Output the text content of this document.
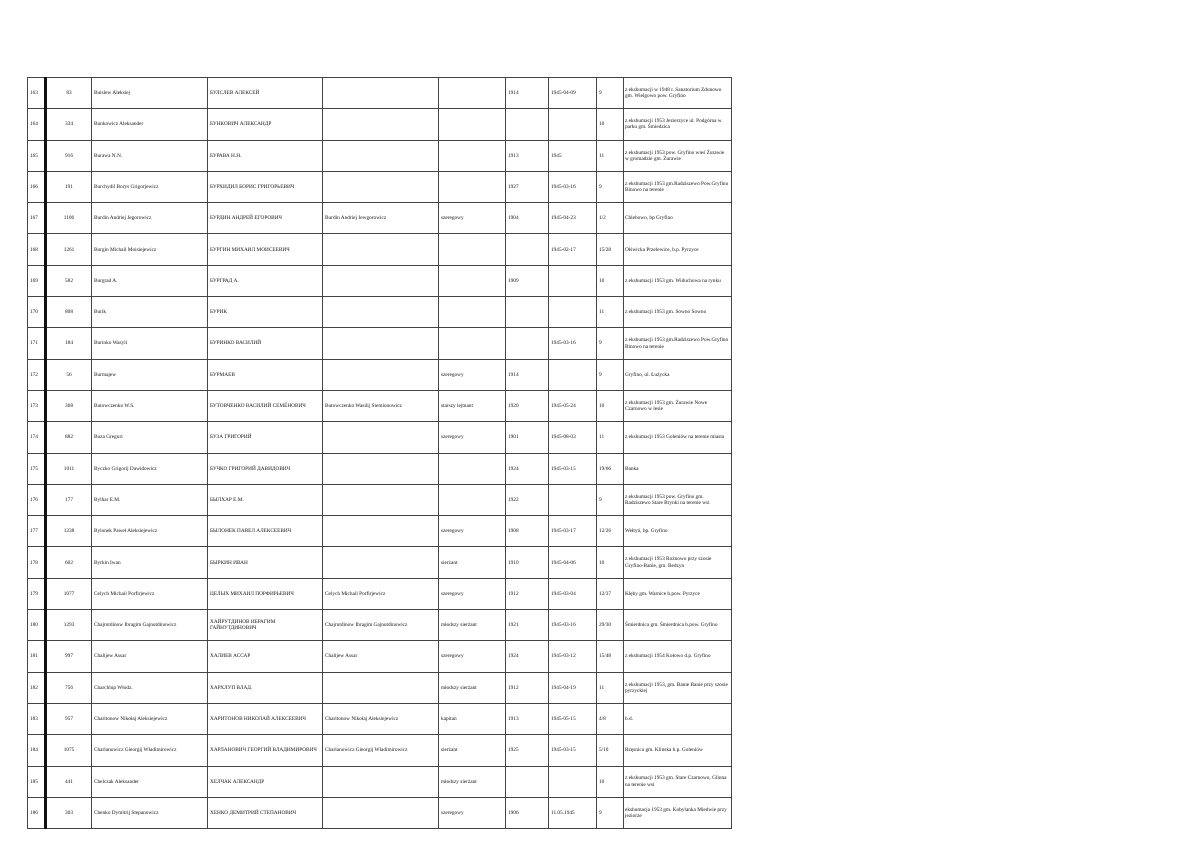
163	83	Bulslew Aleksiej	БУЛСЛЕВ АЛЕКСЕЙ			1914	1945-04-09	9	z ekshumacji w 1948 r. Sanatorium Zdunowo gm. Wielgowo pow. Gryfino
164	334	Bunkowicz Aleksander	БУНКОВИЧ АЛЕКСАНДР					10	z ekshumacji 1953 Jezierzyce ul. Podgórna w parku gm. Śmiedzica
165	916	Burawa N.N.	БУРАВА Н.Н.			1913	1945	11	z ekshumacji 1953 pow. Gryfino wieś Żurawie w gromadzie gm. Żurawie
166	191	Burchydil Borys Grigorjewicz	БУРХИДИЛ БОРИС ГРИГОРЬЕВИЧ			1927	1945-03-16	9	z ekshumacji 1953 gm.Radziszewo Pow.Gryfino Binowo na terenie
167	1106	Burdin Andriej Jegorowicz	БУРДИН АНДРЕЙ ЕГОРОВИЧ	Burdin Andriej Jewgorowicz	szeregowy	1904	1945-04-23	1/2	Chlebowo, bp Gryfino
168	1261	Burgin Michail Moisiejewicz	БУРГИН МИХАИЛ МОИСЕЕВИЧ				1945-02-17	15/28	Ołświcka Przelewice, b.p. Pyrzyce
169	582	Burgrad A.	БУРГРАД А.			1909		10	z ekshumacji 1953 gm. Widuchowa na rynku
170	808	Burik	БУРИК					11	z ekshumacji 1953 gm. Sowno Sowno
171	184	Burinko Wasyli	БУРИНКО ВАСИЛИЙ				1945-03-16	9	z ekshumacji 1953 gm.Radziszewo Pow.Gryfino Binowo na terenie
172	56	Burmajew	БУРМАЕВ		szeregowy	1914		9	Gryfino, ul. Łużycka
173	368	Butowczenko W.S.	БУТОВЧЕНКО ВАСИЛИЙ СЕМЁНОВИЧ	Butowczenko Wasilij Siemionowicz	starszy lejtnant	1920	1945-05-24	10	z ekshumacji 1953 gm. Żurawie Nowe Czarnowo w lesie
174	882	Buza Gregori	БУЗА ГРИГОРИЙ		szeregowy	1901	1945-08-03	11	z ekshumacji 1953 Goleniów na terenie miasta
175	1011	Byczko Grigorij Dawidowicz	БУЧКО ГРИГОРИЙ ДАВИДОВИЧ			1924	1945-03-15	19/66	Banka
176	177	Bylhar E.M.	БЫЛХАР Е.М.			1922		9	z ekshumacji 1953 pow. Gryfino gm. Radziszewo Stare Brynki na terenie wsi
177	1238	Bylonek Paweł Aleksiejewicz	БЫЛОНЕК ПАВЕЛ АЛЕКСЕЕВИЧ		szeregowy	1908	1945-03-17	12/26	Wełtyń, bp. Gryfino
178	602	Byrkin Iwan	БЫРКИН ИВАН		sierżant	1910	1945-04-06	10	z ekshumacji 1953 Rożnowo przy szosie Gryfino-Banie, gm. Bedzyn
179	1077	Celych Michail Porfirjewicz	ЦЕЛЫХ МИХАИЛ ПОРФИРЬЕВИЧ	Celych Michail Porfirjewicz	szeregowy	1912	1945-03-04	12/37	Kłęby gm. Warnice b.pow. Pyrzyce
180	1293	Chajrutdinow Ibragim Gajnutdinowicz	ХАЙРУТДИНОВ ИБРАГИМ ГАЙНУТДИНОВИЧ	Chajrutdinow Ibragim Gajnutdinowicz	młodszy sierżant	1921	1945-03-16	29/30	Śmierdnica gm. Śmierdnica b.pow. Gryfino
181	997	Chalijew Assar	ХАЛИЕВ АССАР	Chalijew Assar	szeregowy	1924	1945-03-12	15/48	z ekshumacji 1954 Kołowo d.p. Gryfino
182	756	Charchlup Włodz.	ХАРХЛУП ВЛАД.		młodszy sierżant	1912	1945-04-19	11	z ekshumacji 1953, gm. Banie Banie przy szosie pyrzyckiej
183	957	Charitonow Nikołaj Aleksiejewicz	ХАРИТОНОВ НИКОЛАЙ АЛЕКСЕЕВИЧ	Charitonow Nikołaj Aleksiejewicz	kapitan	1913	1945-05-15	4/8	b.d.
184	1075	Charlanowicz Gieorgij Władimirowicz	ХАРЛАНОВИЧ ГЕОРГИЙ ВЛАДИМИРОВИЧ	Charlanowicz Gieorgij Władimirowicz	sierżant	1925	1945-03-15	5/10	Rzęsnica gm. Klinska b.p. Goleniów
185	441	Chelczak Aleksander	ХЕЛЧАК АЛЕКСАНДР		młodszy sierżant			10	z ekshumacji 1953 gm. Stare Czarnowo, Glinna na terenie wsi
186	303	Chenko Dymitrij Stepanowicz	ХЕНКО ДЕМИТРИЙ СТЕПАНОВИЧ		szeregowy	1906	11.05.1945	9	ekshumacja 1953 gm. Kobylanka Miedwie przy jeziorze
